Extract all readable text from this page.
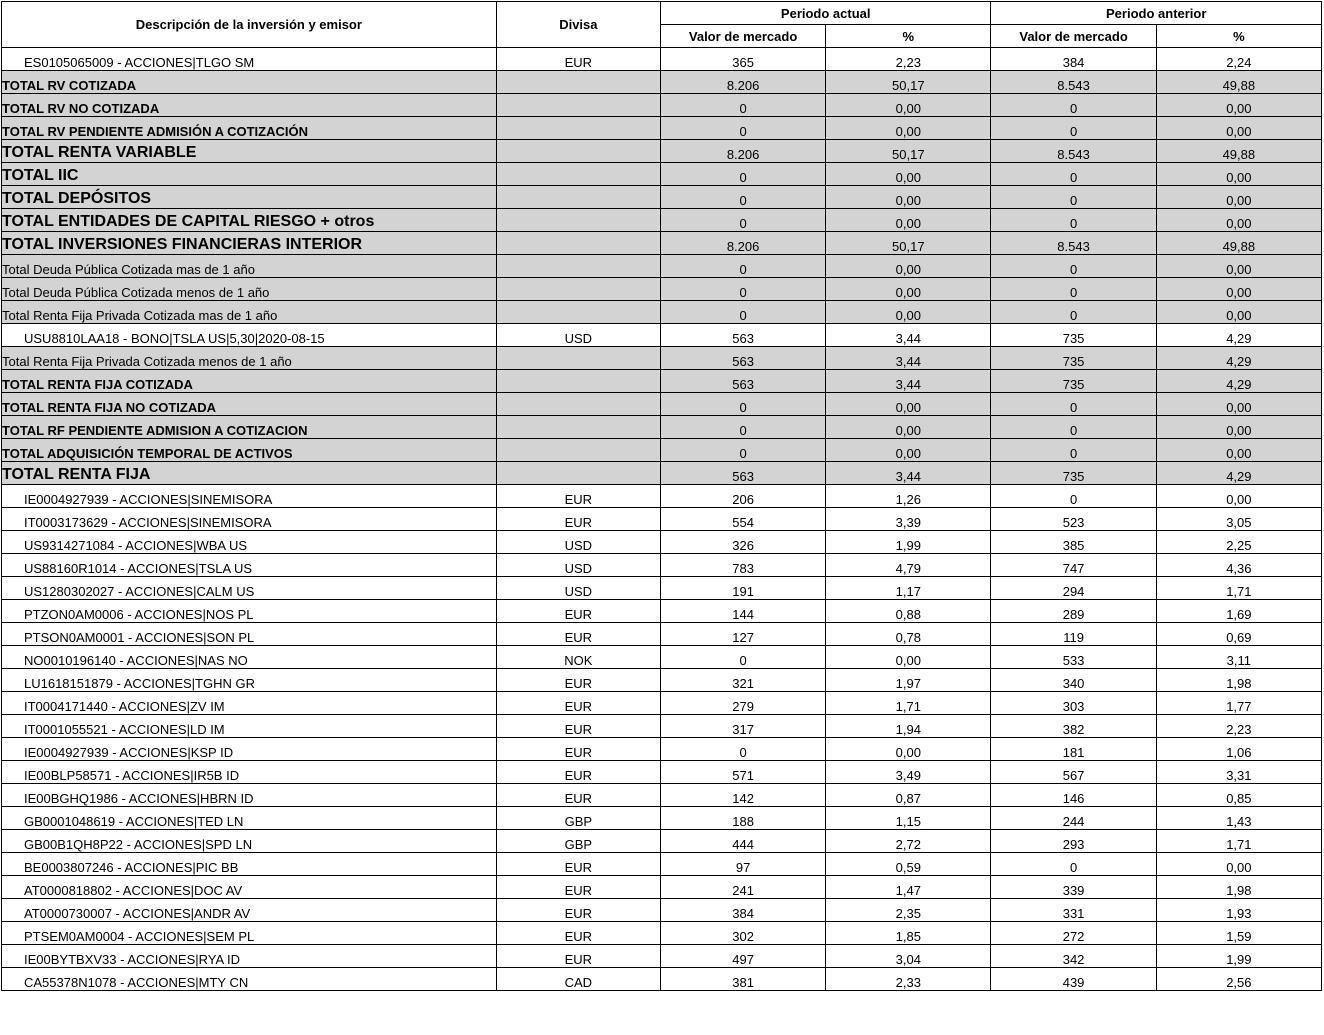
Descripción de la inversión y emisor	Divisa	Periodo actual		Periodo anterior	
		Valor de mercado	%	Valor de mercado	%
ES0105065009 - ACCIONES|TLGO SM	EUR	365	2,23	384	2,24
TOTAL RV COTIZADA		8.206	50,17	8.543	49,88
TOTAL RV NO COTIZADA		0	0,00	0	0,00
TOTAL RV PENDIENTE ADMISIÓN A COTIZACIÓN		0	0,00	0	0,00
TOTAL RENTA VARIABLE		8.206	50,17	8.543	49,88
TOTAL IIC		0	0,00	0	0,00
TOTAL DEPÓSITOS		0	0,00	0	0,00
TOTAL ENTIDADES DE CAPITAL RIESGO + otros		0	0,00	0	0,00
TOTAL INVERSIONES FINANCIERAS INTERIOR		8.206	50,17	8.543	49,88
Total Deuda Pública Cotizada mas de 1 año		0	0,00	0	0,00
Total Deuda Pública Cotizada menos de 1 año		0	0,00	0	0,00
Total Renta Fija Privada Cotizada mas de 1 año		0	0,00	0	0,00
USU8810LAA18 - BONO|TSLA US|5,30|2020-08-15	USD	563	3,44	735	4,29
Total Renta Fija Privada Cotizada menos de 1 año		563	3,44	735	4,29
TOTAL RENTA FIJA COTIZADA		563	3,44	735	4,29
TOTAL RENTA FIJA NO COTIZADA		0	0,00	0	0,00
TOTAL RF PENDIENTE ADMISION A COTIZACION		0	0,00	0	0,00
TOTAL ADQUISICIÓN TEMPORAL DE ACTIVOS		0	0,00	0	0,00
TOTAL RENTA FIJA		563	3,44	735	4,29
IE0004927939 - ACCIONES|SINEMISORA	EUR	206	1,26	0	0,00
IT0003173629 - ACCIONES|SINEMISORA	EUR	554	3,39	523	3,05
US9314271084 - ACCIONES|WBA US	USD	326	1,99	385	2,25
US88160R1014 - ACCIONES|TSLA US	USD	783	4,79	747	4,36
US1280302027 - ACCIONES|CALM US	USD	191	1,17	294	1,71
PTZON0AM0006 - ACCIONES|NOS PL	EUR	144	0,88	289	1,69
PTSON0AM0001 - ACCIONES|SON PL	EUR	127	0,78	119	0,69
NO0010196140 - ACCIONES|NAS NO	NOK	0	0,00	533	3,11
LU1618151879 - ACCIONES|TGHN GR	EUR	321	1,97	340	1,98
IT0004171440 - ACCIONES|ZV IM	EUR	279	1,71	303	1,77
IT0001055521 - ACCIONES|LD IM	EUR	317	1,94	382	2,23
IE0004927939 - ACCIONES|KSP ID	EUR	0	0,00	181	1,06
IE00BLP58571 - ACCIONES|IR5B ID	EUR	571	3,49	567	3,31
IE00BGHQ1986 - ACCIONES|HBRN ID	EUR	142	0,87	146	0,85
GB0001048619 - ACCIONES|TED LN	GBP	188	1,15	244	1,43
GB00B1QH8P22 - ACCIONES|SPD LN	GBP	444	2,72	293	1,71
BE0003807246 - ACCIONES|PIC BB	EUR	97	0,59	0	0,00
AT0000818802 - ACCIONES|DOC AV	EUR	241	1,47	339	1,98
AT0000730007 - ACCIONES|ANDR AV	EUR	384	2,35	331	1,93
PTSEM0AM0004 - ACCIONES|SEM PL	EUR	302	1,85	272	1,59
IE00BYTBXV33 - ACCIONES|RYA ID	EUR	497	3,04	342	1,99
CA55378N1078 - ACCIONES|MTY CN	CAD	381	2,33	439	2,56
